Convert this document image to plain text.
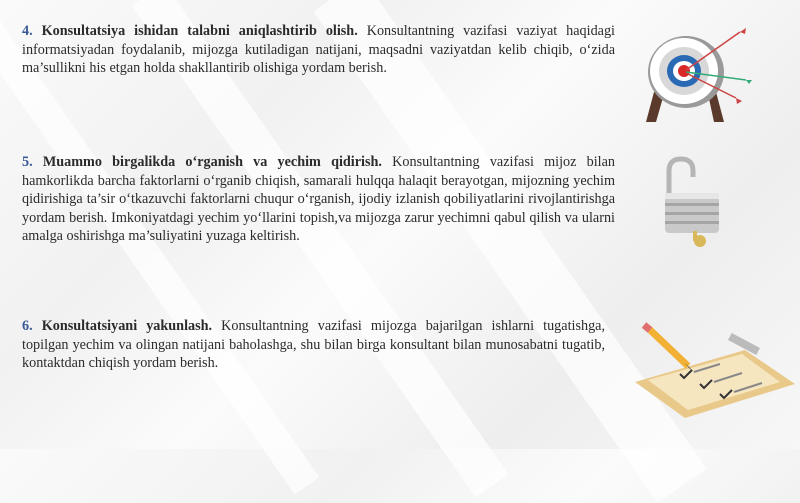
4. Konsultatsiya ishidan talabni aniqlashtirib olish. Konsultantning vazifasi vaziyat haqidagi informatsiyadan foydalanib, mijozga kutiladigan natijani, maqsadni vaziyatdan kelib chiqib, o‘zida ma’sullikni his etgan holda shakllantirib olishiga yordam berish.
5. Muammo birgalikda o‘rganish va yechim qidirish. Konsultantning vazifasi mijoz bilan hamkorlikda barcha faktorlarni o‘rganib chiqish, samarali hulqqa halaqit berayotgan, mijozning yechim qidirishiga ta’sir o‘tkazuvchi faktorlarni chuqur o‘rganish, ijodiy izlanish qobiliyatlarini rivojlantirishga yordam berish. Imkoniyatdagi yechim yo‘llarini topish,va mijozga zarur yechimni qabul qilish va ularni amalga oshirishga ma’suliyatini yuzaga keltirish.
6. Konsultatsiyani yakunlash. Konsultantning vazifasi mijozga bajarilgan ishlarni tugatishga, topilgan yechim va olingan natijani baholashga, shu bilan birga konsultant bilan munosabatni tugatib, kontaktdan chiqish yordam berish.
